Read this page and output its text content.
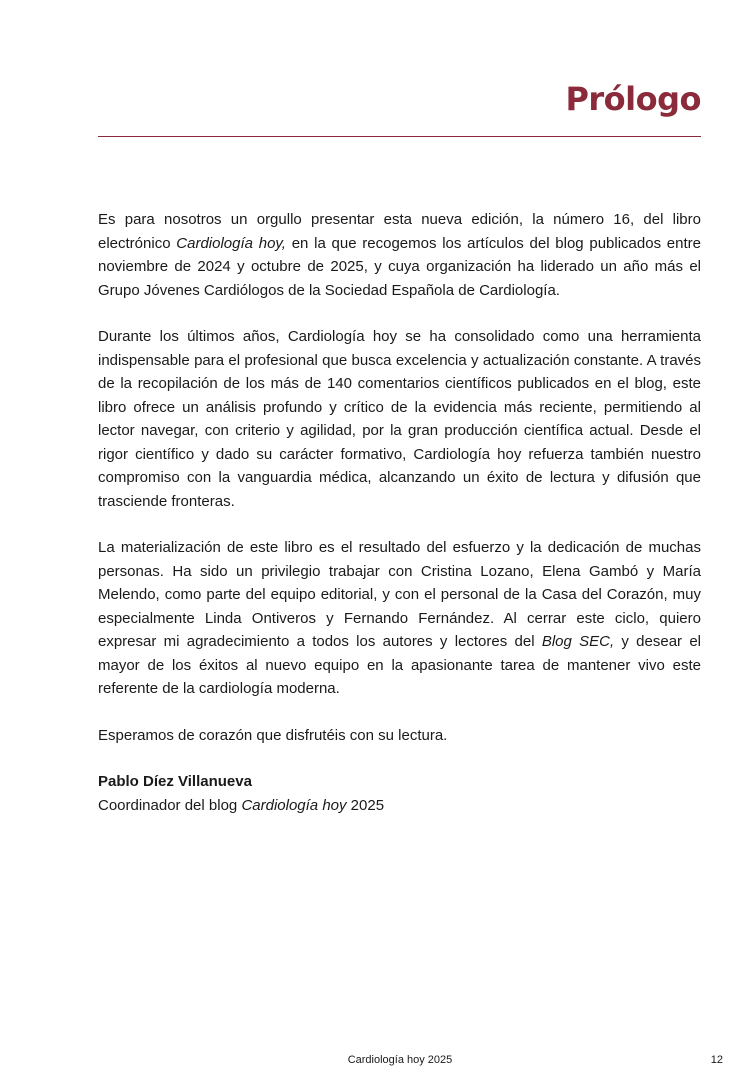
Prólogo

Es para nosotros un orgullo presentar esta nueva edición, la número 16, del libro electrónico Cardiología hoy, en la que recogemos los artículos del blog publicados entre noviembre de 2024 y octubre de 2025, y cuya organización ha liderado un año más el Grupo Jóvenes Cardiólogos de la Sociedad Española de Cardiología.

Durante los últimos años, Cardiología hoy se ha consolidado como una herramienta indispensable para el profesional que busca excelencia y actualización constante. A través de la recopilación de los más de 140 comentarios científicos publicados en el blog, este libro ofrece un análisis profundo y crítico de la evidencia más reciente, permitiendo al lector navegar, con criterio y agilidad, por la gran producción científica actual. Desde el rigor científico y dado su carácter formativo, Cardiología hoy refuerza también nuestro compromiso con la vanguardia médica, alcanzando un éxito de lectura y difusión que trasciende fronteras.

La materialización de este libro es el resultado del esfuerzo y la dedicación de muchas personas. Ha sido un privilegio trabajar con Cristina Lozano, Elena Gambó y María Melendo, como parte del equipo editorial, y con el personal de la Casa del Corazón, muy especialmente Linda Ontiveros y Fernando Fernández. Al cerrar este ciclo, quiero expresar mi agradecimiento a todos los autores y lectores del Blog SEC, y desear el mayor de los éxitos al nuevo equipo en la apasionante tarea de mantener vivo este referente de la cardiología moderna.

Esperamos de corazón que disfrutéis con su lectura.

Pablo Díez Villanueva
Coordinador del blog Cardiología hoy 2025
Cardiología hoy 2025	12
